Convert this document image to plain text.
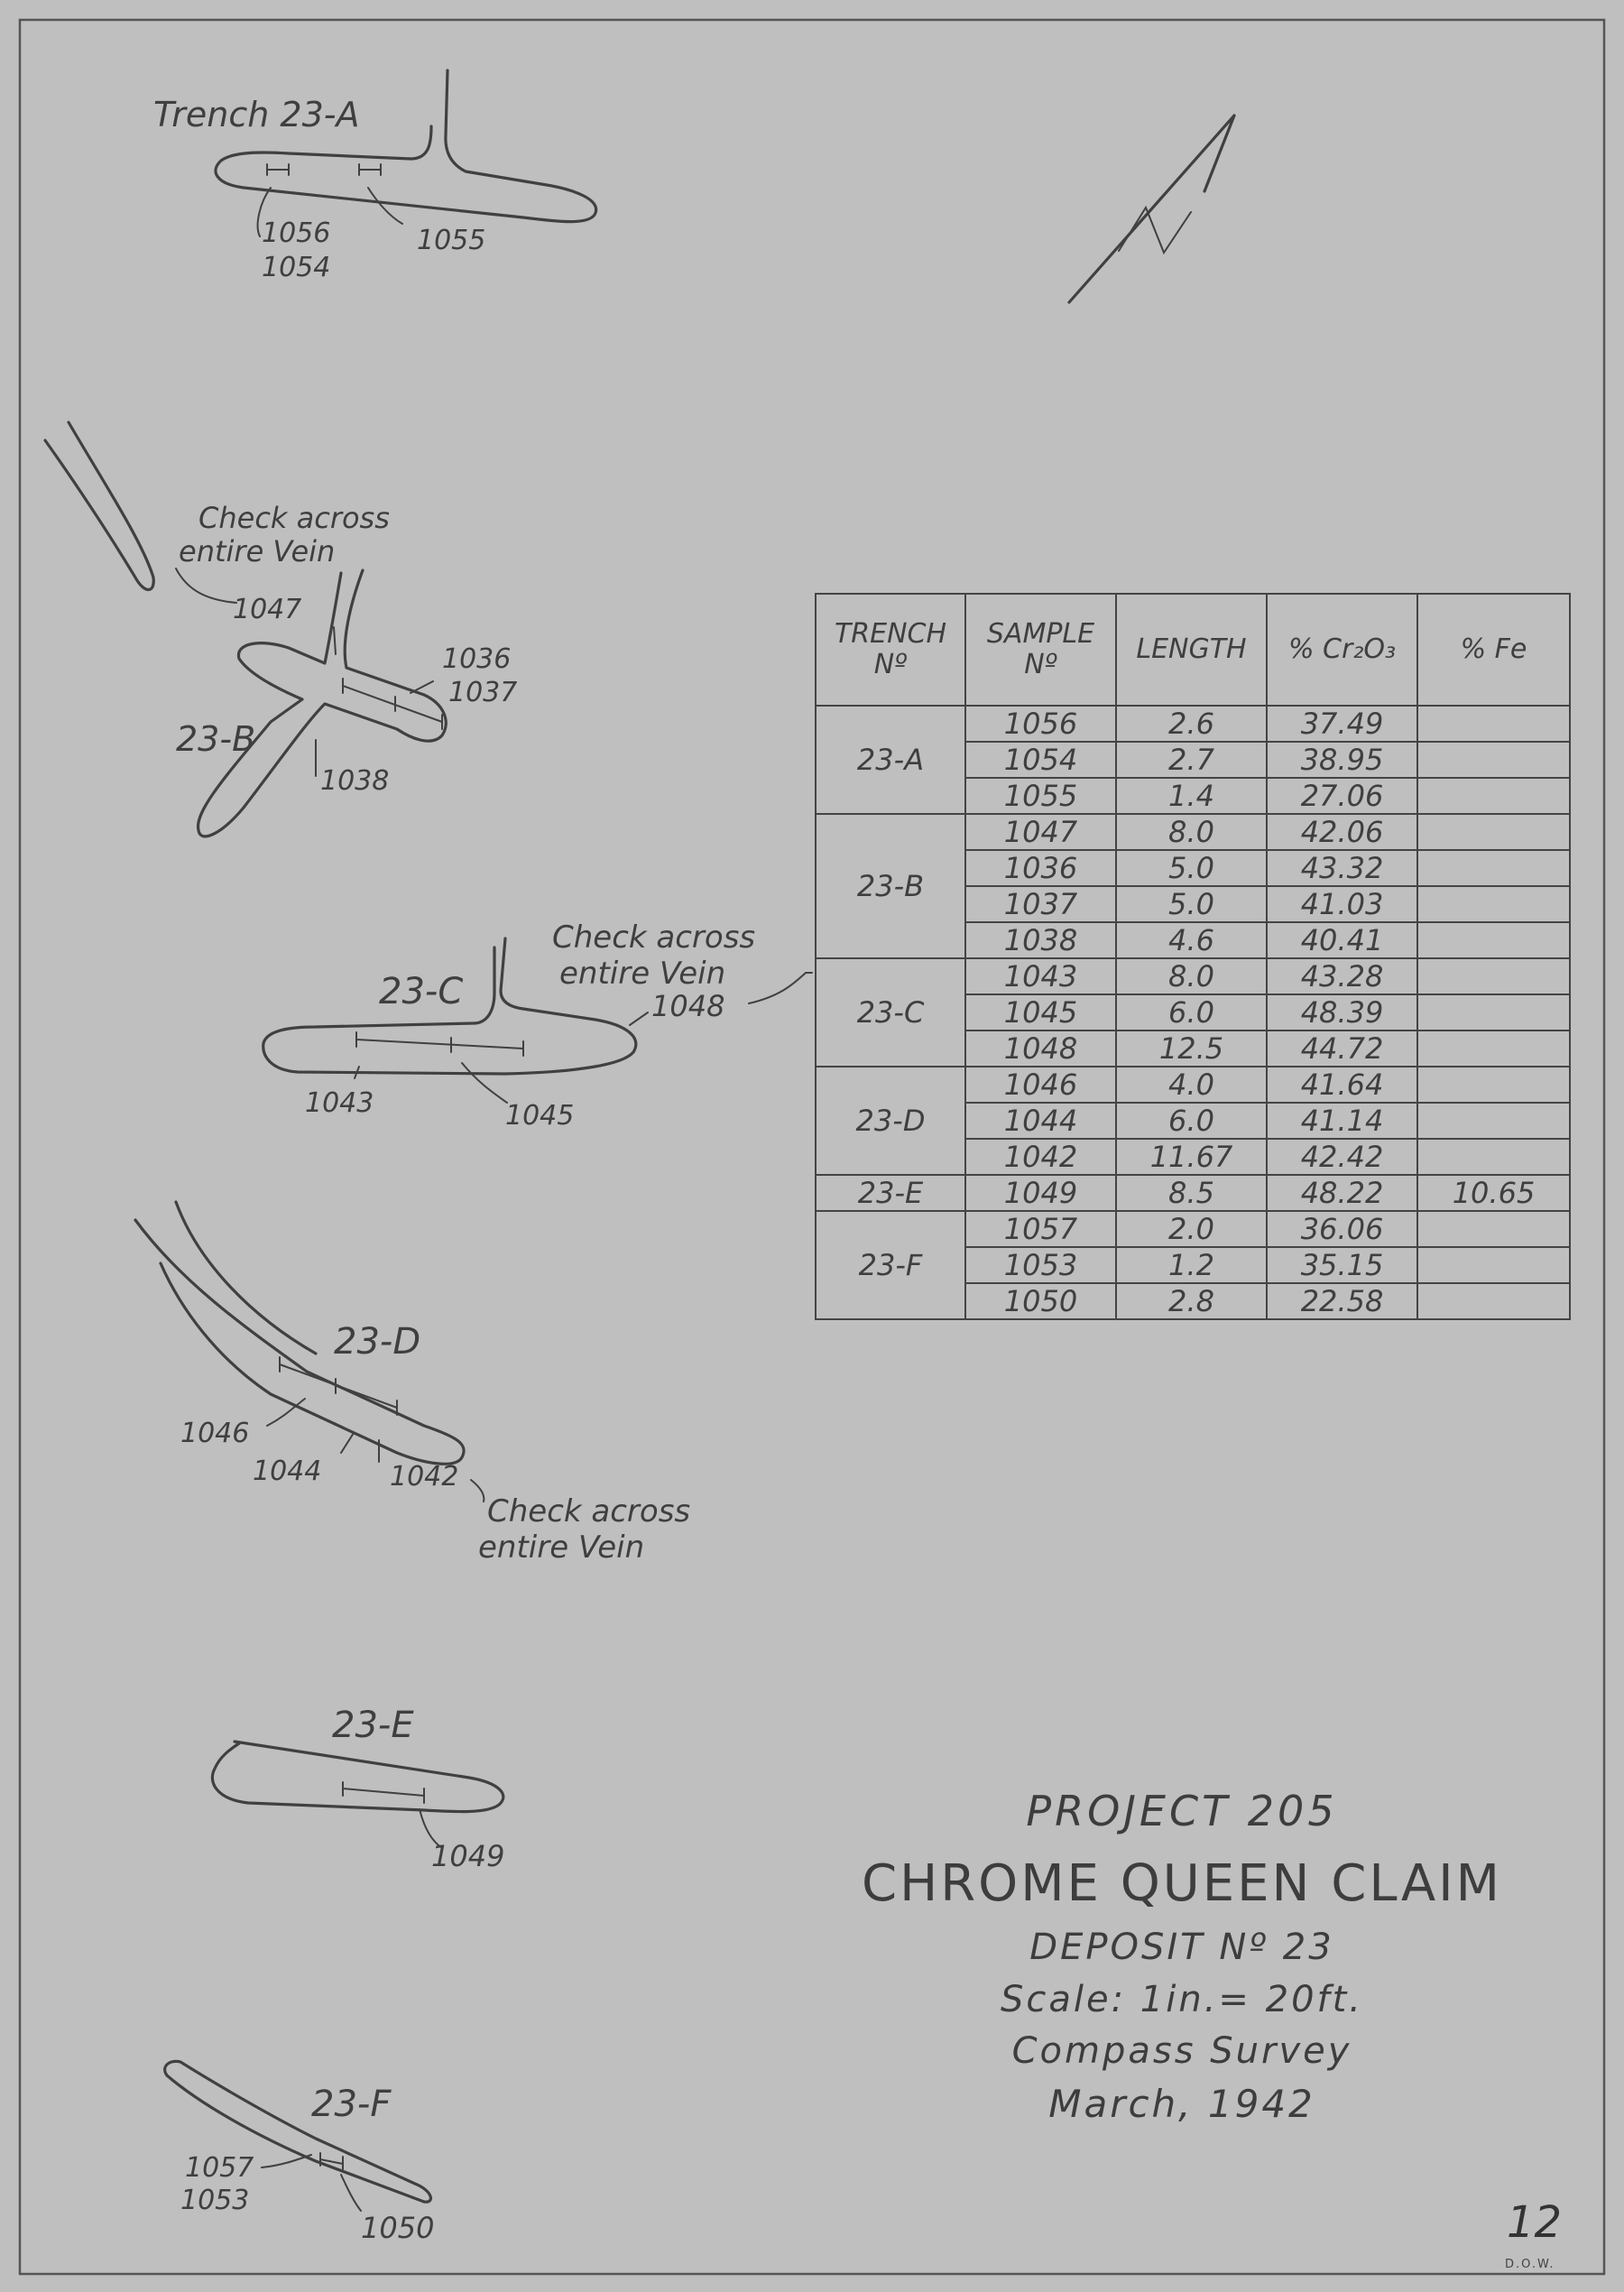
Trench 23-A
1056
1054
1055
Check across
entire Vein
1047
1036
1037
1038
23-B
23-C
Check across
entire Vein
1048
1043	1045
23-D
1046
1044	1042
Check across
entire Vein
23-E
1049
23-F
1057
1053
1050
TRENCH Nº	SAMPLE Nº	LENGTH	% Cr₂O₃	% Fe
23-A	1056	2.6	37.49	
	1054	2.7	38.95	
	1055	1.4	27.06	
23-B	1047	8.0	42.06	
	1036	5.0	43.32	
	1037	5.0	41.03	
	1038	4.6	40.41	
23-C	1043	8.0	43.28	
	1045	6.0	48.39	
	1048	12.5	44.72	
23-D	1046	4.0	41.64	
	1044	6.0	41.14	
	1042	11.67	42.42	
23-E	1049	8.5	48.22	10.65
23-F	1057	2.0	36.06	
	1053	1.2	35.15	
	1050	2.8	22.58	
PROJECT 205
CHROME QUEEN CLAIM
DEPOSIT Nº 23
Scale: 1in.= 20ft.
Compass Survey
March, 1942
12
D.O.W.
